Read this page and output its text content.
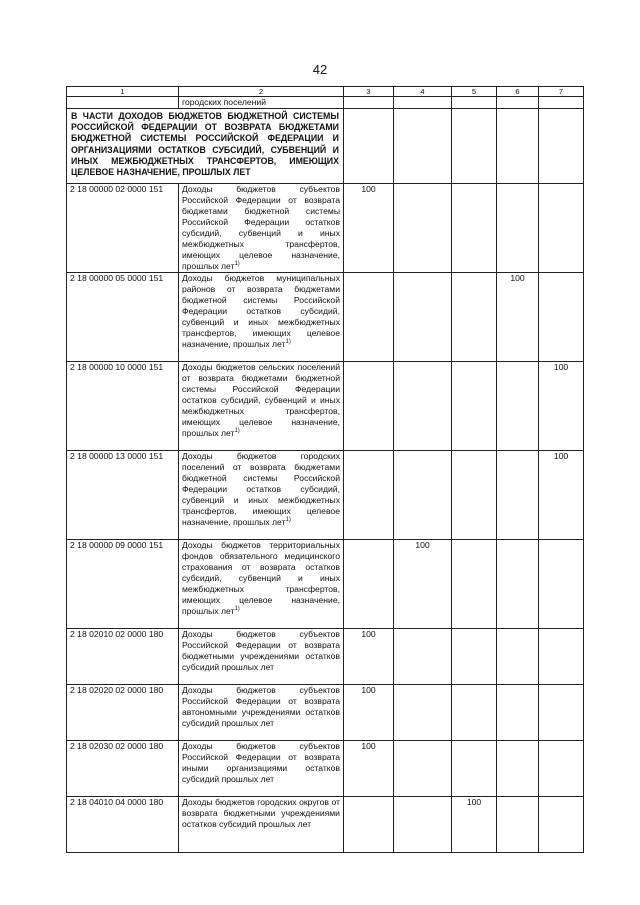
42
1	2	3	4	5	6	7
	городских поселений					
В ЧАСТИ ДОХОДОВ БЮДЖЕТОВ БЮДЖЕТНОЙ СИСТЕМЫ РОССИЙСКОЙ ФЕДЕРАЦИИ ОТ ВОЗВРАТА БЮДЖЕТАМИ БЮДЖЕТНОЙ СИСТЕМЫ РОССИЙСКОЙ ФЕДЕРАЦИИ И ОРГАНИЗАЦИЯМИ ОСТАТКОВ СУБСИДИЙ, СУБВЕНЦИЙ И ИНЫХ МЕЖБЮДЖЕТНЫХ ТРАНСФЕРТОВ, ИМЕЮЩИХ ЦЕЛЕВОЕ НАЗНАЧЕНИЕ, ПРОШЛЫХ ЛЕТ						
2 18 00000 02 0000 151	Доходы бюджетов субъектов Российской Федерации от возврата бюджетами бюджетной системы Российской Федерации остатков субсидий, субвенций и иных межбюджетных трансфертов, имеющих целевое назначение, прошлых лет$^{1)}$	100				
2 18 00000 05 0000 151	Доходы бюджетов муниципальных районов от возврата бюджетами бюджетной системы Российской Федерации остатков субсидий, субвенций и иных межбюджетных трансфертов, имеющих целевое назначение, прошлых лет$^{1)}$				100	
2 18 00000 10 0000 151	Доходы бюджетов сельских поселений от возврата бюджетами бюджетной системы Российской Федерации остатков субсидий, субвенций и иных межбюджетных трансфертов, имеющих целевое назначение, прошлых лет$^{1)}$					100
2 18 00000 13 0000 151	Доходы бюджетов городских поселений от возврата бюджетами бюджетной системы Российской Федерации остатков субсидий, субвенций и иных межбюджетных трансфертов, имеющих целевое назначение, прошлых лет$^{1)}$					100
2 18 00000 09 0000 151	Доходы бюджетов территориальных фондов обязательного медицинского страхования от возврата остатков субсидий, субвенций и иных межбюджетных трансфертов, имеющих целевое назначение, прошлых лет$^{1)}$		100			
2 18 02010 02 0000 180	Доходы бюджетов субъектов Российской Федерации от возврата бюджетными учреждениями остатков субсидий прошлых лет	100				
2 18 02020 02 0000 180	Доходы бюджетов субъектов Российской Федерации от возврата автономными учреждениями остатков субсидий прошлых лет	100				
2 18 02030 02 0000 180	Доходы бюджетов субъектов Российской Федерации от возврата иными организациями остатков субсидий прошлых лет	100				
2 18 04010 04 0000 180	Доходы бюджетов городских округов от возврата бюджетными учреждениями остатков субсидий прошлых лет			100		
